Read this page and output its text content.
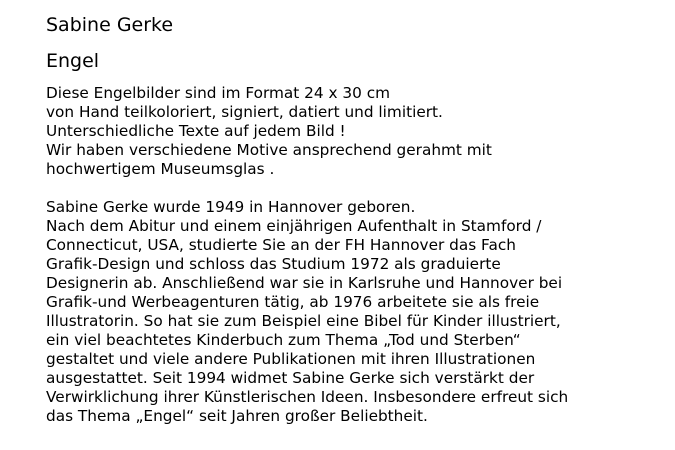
Sabine Gerke
Engel
Diese Engelbilder sind im Format 24 x 30 cm
von Hand teilkoloriert, signiert, datiert und limitiert.
Unterschiedliche Texte auf jedem Bild !
Wir haben verschiedene Motive ansprechend gerahmt mit
hochwertigem Museumsglas .
Sabine Gerke wurde 1949 in Hannover geboren.
Nach dem Abitur und einem einjährigen Aufenthalt in Stamford /
Connecticut, USA, studierte Sie an der FH Hannover das Fach
Grafik-Design und schloss das Studium 1972 als graduierte
Designerin ab. Anschließend war sie in Karlsruhe und Hannover bei
Grafik-und Werbeagenturen tätig, ab 1976 arbeitete sie als freie
Illustratorin. So hat sie zum Beispiel eine Bibel für Kinder illustriert,
ein viel beachtetes Kinderbuch zum Thema „Tod und Sterben“
gestaltet und viele andere Publikationen mit ihren Illustrationen
ausgestattet. Seit 1994 widmet Sabine Gerke sich verstärkt der
Verwirklichung ihrer Künstlerischen Ideen. Insbesondere erfreut sich
das Thema „Engel“ seit Jahren großer Beliebtheit.
